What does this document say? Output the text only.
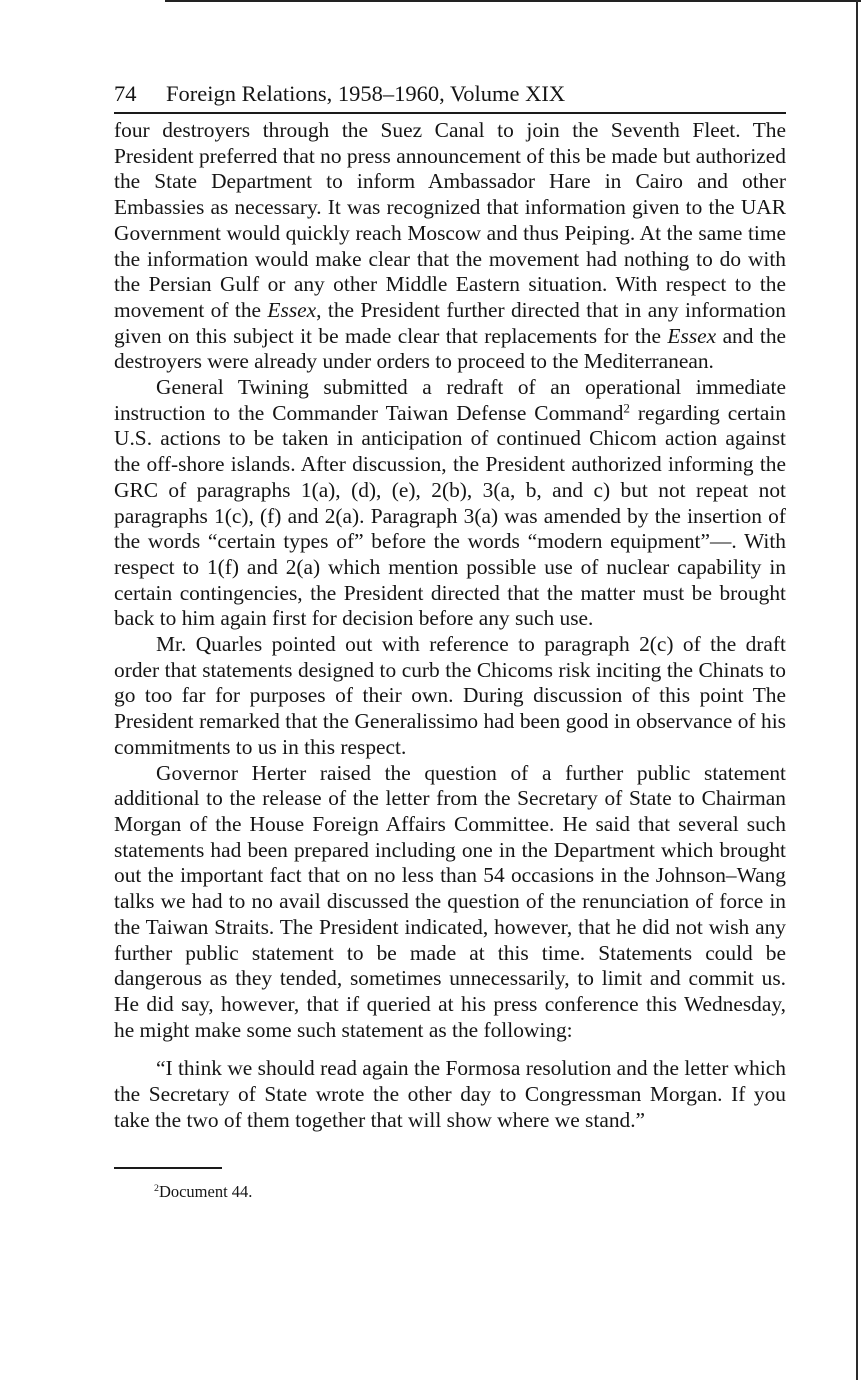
74 Foreign Relations, 1958–1960, Volume XIX

four destroyers through the Suez Canal to join the Seventh Fleet. The President preferred that no press announcement of this be made but authorized the State Department to inform Ambassador Hare in Cairo and other Embassies as necessary. It was recognized that information given to the UAR Government would quickly reach Moscow and thus Peiping. At the same time the information would make clear that the movement had nothing to do with the Persian Gulf or any other Middle Eastern situation. With respect to the movement of the Essex, the President further directed that in any information given on this subject it be made clear that replacements for the Essex and the destroyers were already under orders to proceed to the Mediterranean.

General Twining submitted a redraft of an operational immediate instruction to the Commander Taiwan Defense Command$^2$ regarding certain U.S. actions to be taken in anticipation of continued Chicom action against the off-shore islands. After discussion, the President authorized informing the GRC of paragraphs 1(a), (d), (e), 2(b), 3(a, b, and c) but not repeat not paragraphs 1(c), (f) and 2(a). Paragraph 3(a) was amended by the insertion of the words “certain types of” before the words “modern equipment”—. With respect to 1(f) and 2(a) which mention possible use of nuclear capability in certain contingencies, the President directed that the matter must be brought back to him again first for decision before any such use.

Mr. Quarles pointed out with reference to paragraph 2(c) of the draft order that statements designed to curb the Chicoms risk inciting the Chinats to go too far for purposes of their own. During discussion of this point The President remarked that the Generalissimo had been good in observance of his commitments to us in this respect.

Governor Herter raised the question of a further public statement additional to the release of the letter from the Secretary of State to Chairman Morgan of the House Foreign Affairs Committee. He said that several such statements had been prepared including one in the Department which brought out the important fact that on no less than 54 occasions in the Johnson–Wang talks we had to no avail discussed the question of the renunciation of force in the Taiwan Straits. The President indicated, however, that he did not wish any further public statement to be made at this time. Statements could be dangerous as they tended, sometimes unnecessarily, to limit and commit us. He did say, however, that if queried at his press conference this Wednesday, he might make some such statement as the following:

“I think we should read again the Formosa resolution and the letter which the Secretary of State wrote the other day to Congressman Morgan. If you take the two of them together that will show where we stand.”
$^2$Document 44.
